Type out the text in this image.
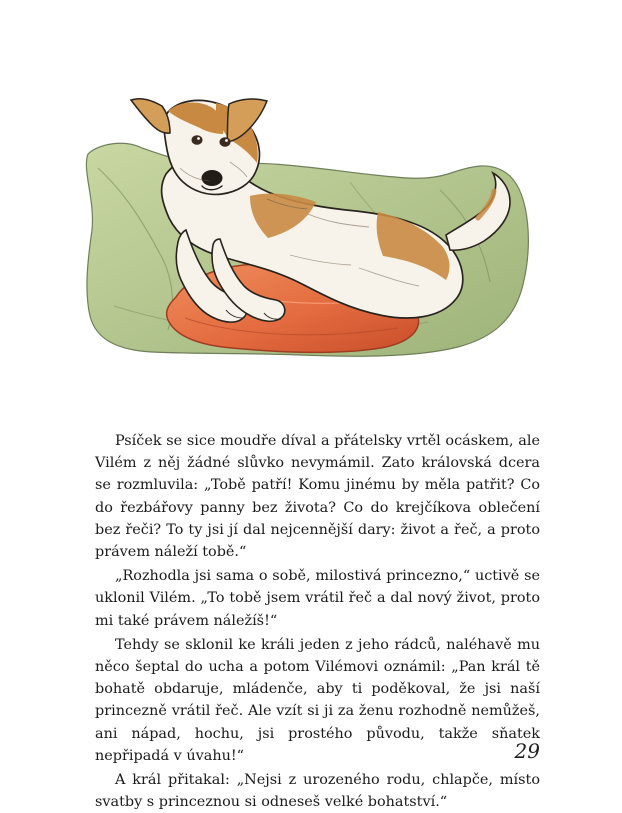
Psíček se sice moudře díval a přátelsky vrtěl ocáskem, ale Vilém z něj žádné slůvko nevymámil. Zato královská dcera se rozmluvila: „Tobě patří! Komu jinému by měla patřit? Co do řezbářovy panny bez života? Co do krejčíkova oblečení bez řeči? To ty jsi jí dal nejcennější dary: život a řeč, a proto právem náleží tobě.“

„Rozhodla jsi sama o sobě, milostivá princezno,“ uctivě se uklonil Vilém. „To tobě jsem vrátil řeč a dal nový život, proto mi také právem náležíš!“

Tehdy se sklonil ke králi jeden z jeho rádců, naléhavě mu něco šeptal do ucha a potom Vilémovi oznámil: „Pan král tě bohatě obdaruje, mládenče, aby ti poděkoval, že jsi naší princezně vrátil řeč. Ale vzít si ji za ženu rozhodně nemůžeš, ani nápad, hochu, jsi prostého původu, takže sňatek nepřipadá v úvahu!“

A král přitakal: „Nejsi z urozeného rodu, chlapče, místo svatby s princeznou si odneseš velké bohatství.“

29
